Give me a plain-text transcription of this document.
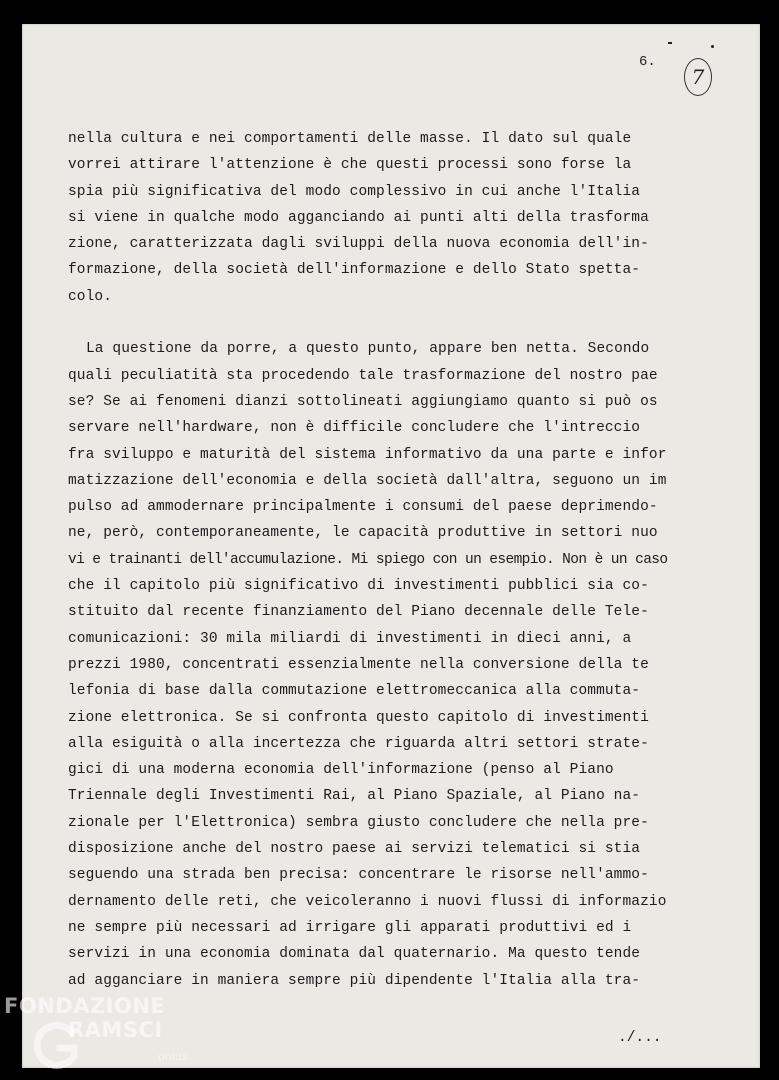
6.
7
nella cultura e nei comportamenti delle masse. Il dato sul quale
vorrei attirare l'attenzione è che questi processi sono forse la
spia più significativa del modo complessivo in cui anche l'Italia
si viene in qualche modo agganciando ai punti alti della trasforma
zione, caratterizzata dagli sviluppi della nuova economia dell'in-
formazione, della società dell'informazione e dello Stato spetta-
colo.
La questione da porre, a questo punto, appare ben netta. Secondo
quali peculiatità sta procedendo tale trasformazione del nostro pae
se? Se ai fenomeni dianzi sottolineati aggiungiamo quanto si può os
servare nell'hardware, non è difficile concludere che l'intreccio
fra sviluppo e maturità del sistema informativo da una parte e infor
matizzazione dell'economia e della società dall'altra, seguono un im
pulso ad ammodernare principalmente i consumi del paese deprimendo-
ne, però, contemporaneamente, le capacità produttive in settori nuo
vi e trainanti dell'accumulazione. Mi spiego con un esempio. Non è un caso
che il capitolo più significativo di investimenti pubblici sia co-
stituito dal recente finanziamento del Piano decennale delle Tele-
comunicazioni: 30 mila miliardi di investimenti in dieci anni, a
prezzi 1980, concentrati essenzialmente nella conversione della te
lefonia di base dalla commutazione elettromeccanica alla commuta-
zione elettronica. Se si confronta questo capitolo di investimenti
alla esiguità o alla incertezza che riguarda altri settori strate-
gici di una moderna economia dell'informazione (penso al Piano
Triennale degli Investimenti Rai, al Piano Spaziale, al Piano na-
zionale per l'Elettronica) sembra giusto concludere che nella pre-
disposizione anche del nostro paese ai servizi telematici si stia
seguendo una strada ben precisa: concentrare le risorse nell'ammo-
dernamento delle reti, che veicoleranno i nuovi flussi di informazio
ne sempre più necessari ad irrigare gli apparati produttivi ed i
servizi in una economia dominata dal quaternario. Ma questo tende
ad agganciare in maniera sempre più dipendente l'Italia alla tra-
./...
FONDAZIONE
RAMSCI
onlus
